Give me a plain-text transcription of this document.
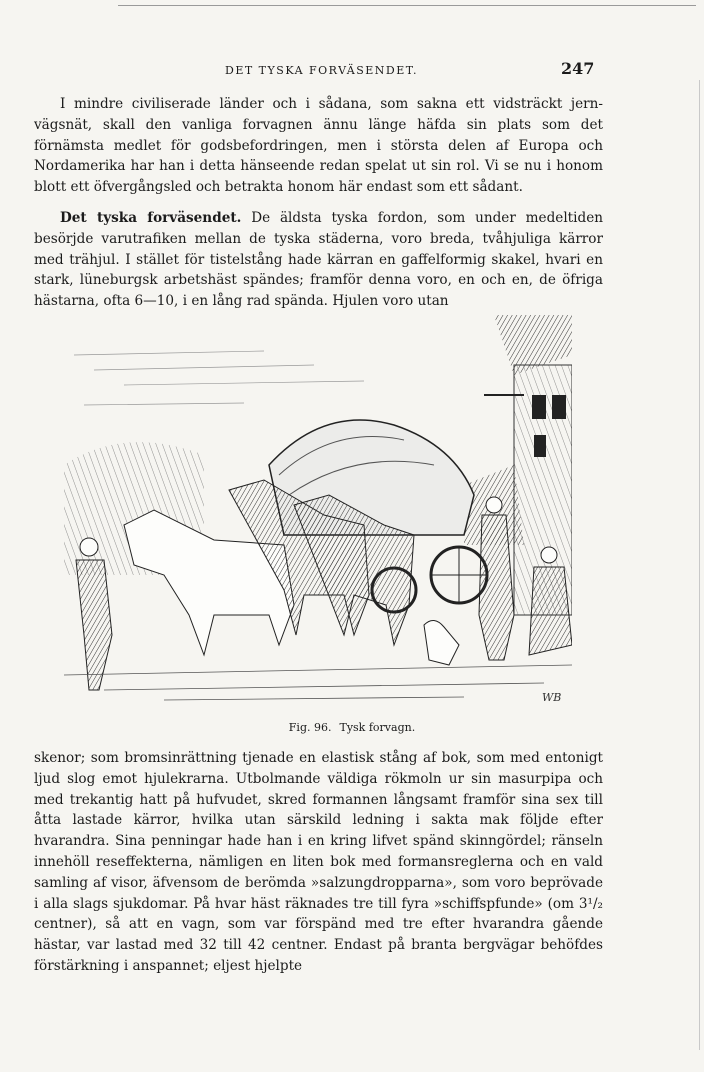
DET TYSKA FORVÄSENDET.	247

I mindre civiliserade länder och i sådana, som sakna ett vidsträckt jern-vägsnät, skall den vanliga forvagnen ännu länge häfda sin plats som det förnämsta medlet för godsbefordringen, men i största delen af Europa och Nordamerika har han i detta hänseende redan spelat ut sin rol. Vi se nu i honom blott ett öfvergångsled och betrakta honom här endast som ett sådant.

Det tyska forväsendet. De äldsta tyska fordon, som under medeltiden besörjde varutrafiken mellan de tyska städerna, voro breda, tvåhjuliga kärror med trähjul. I stället för tistelstång hade kärran en gaffelformig skakel, hvari en stark, lüneburgsk arbetshäst spändes; framför denna voro, en och en, de öfriga hästarna, ofta 6—10, i en lång rad spända. Hjulen voro utan

WB
Fig. 96. Tysk forvagn.

skenor; som bromsinrättning tjenade en elastisk stång af bok, som med entonigt ljud slog emot hjulekrarna. Utbolmande väldiga rökmoln ur sin masurpipa och med trekantig hatt på hufvudet, skred formannen långsamt framför sina sex till åtta lastade kärror, hvilka utan särskild ledning i sakta mak följde efter hvarandra. Sina penningar hade han i en kring lifvet spänd skinngördel; ränseln innehöll reseffekterna, nämligen en liten bok med formansreglerna och en vald samling af visor, äfvensom de berömda »salzungdropparna», som voro beprövade i alla slags sjukdomar. På hvar häst räknades tre till fyra »schiffspfunde» (om 3¹/₂ centner), så att en vagn, som var förspänd med tre efter hvarandra gående hästar, var lastad med 32 till 42 centner. Endast på branta bergvägar behöfdes förstärkning i anspannet; eljest hjelpte
